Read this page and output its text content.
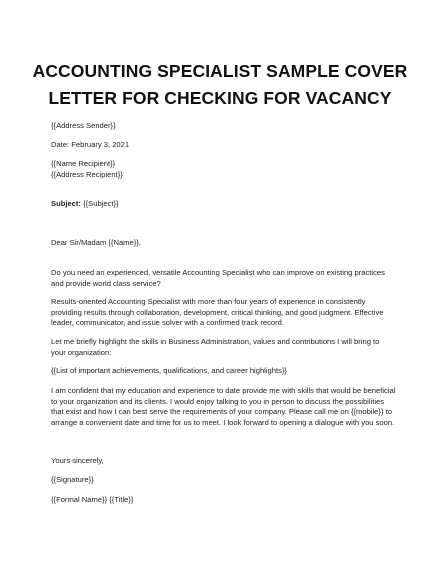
ACCOUNTING SPECIALIST SAMPLE COVER
LETTER FOR CHECKING FOR VACANCY
{{Address Sender}}
Date: February 3, 2021
{{Name Recipient}}
{{Address Recipient}}
Subject: {{Subject}}
Dear Sir/Madam {{Name}},
Do you need an experienced, versatile Accounting Specialist who can improve on existing practices and provide world class service?
Results-oriented Accounting Specialist with more than four years of experience in consistently providing results through collaboration, development, critical thinking, and good judgment. Effective leader, communicator, and issue solver with a confirmed track record.
Let me briefly highlight the skills in Business Administration, values and contributions I will bring to your organization:
{{List of important achievements, qualifications, and career highlights}}
I am confident that my education and experience to date provide me with skills that would be beneficial to your organization and its clients. I would enjoy talking to you in person to discuss the possibilities that exist and how I can best serve the requirements of your company. Please call me on {{mobile}} to arrange a convenient date and time for us to meet. I look forward to opening a dialogue with you soon.
Yours sincerely,
{{Signature}}
{{Formal Name}} {{Title}}
